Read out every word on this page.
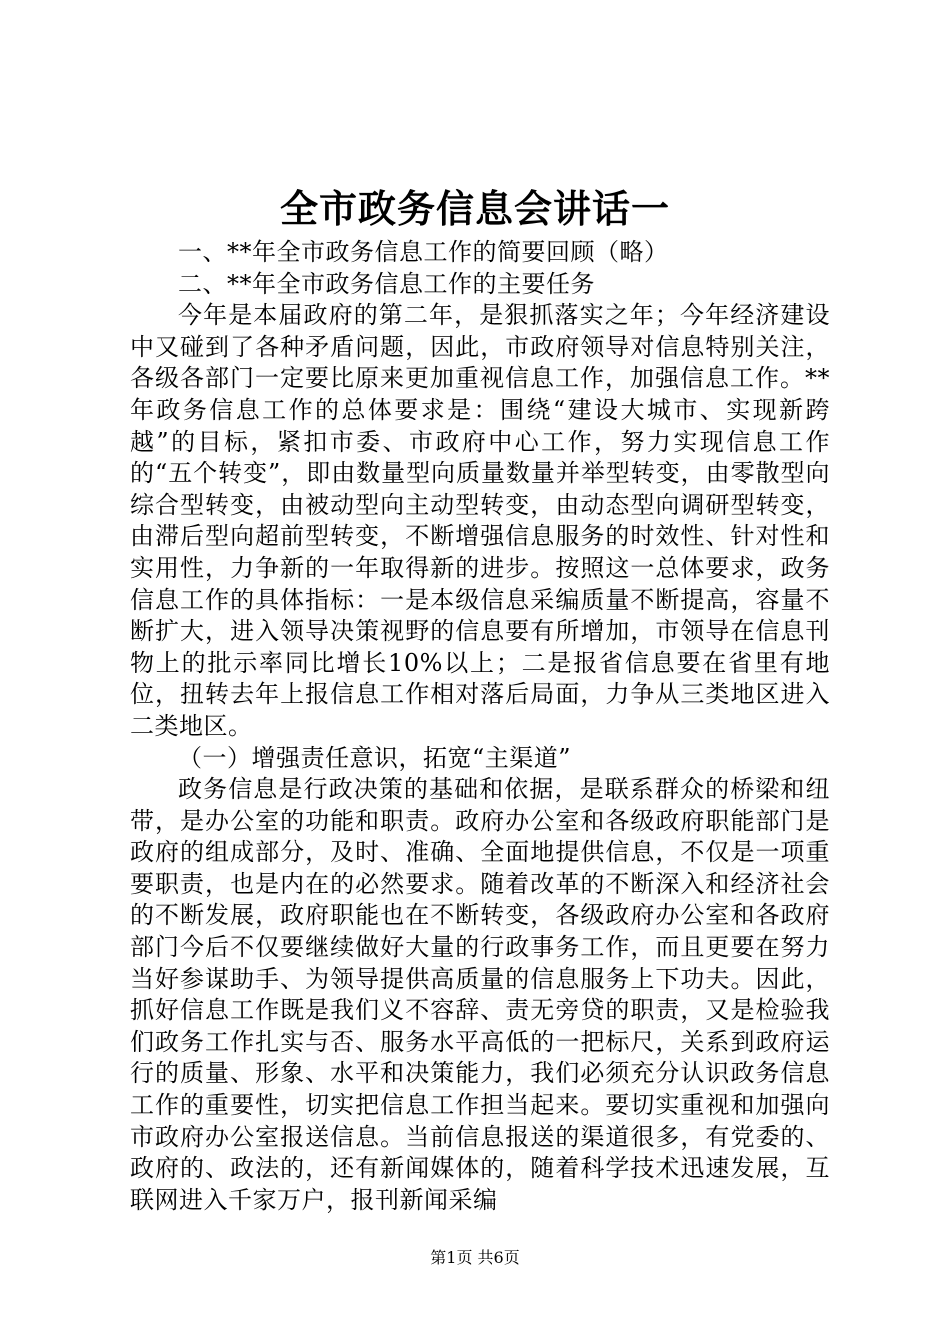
全市政务信息会讲话一

一、**年全市政务信息工作的简要回顾（略）

二、**年全市政务信息工作的主要任务

今年是本届政府的第二年，是狠抓落实之年；今年经济建设中又碰到了各种矛盾问题，因此，市政府领导对信息特别关注，各级各部门一定要比原来更加重视信息工作，加强信息工作。**年政务信息工作的总体要求是：围绕“建设大城市、实现新跨越”的目标，紧扣市委、市政府中心工作，努力实现信息工作的“五个转变”，即由数量型向质量数量并举型转变，由零散型向综合型转变，由被动型向主动型转变，由动态型向调研型转变，由滞后型向超前型转变，不断增强信息服务的时效性、针对性和实用性，力争新的一年取得新的进步。按照这一总体要求，政务信息工作的具体指标：一是本级信息采编质量不断提高，容量不断扩大，进入领导决策视野的信息要有所增加，市领导在信息刊物上的批示率同比增长10%以上；二是报省信息要在省里有地位，扭转去年上报信息工作相对落后局面，力争从三类地区进入二类地区。

（一）增强责任意识，拓宽“主渠道”

政务信息是行政决策的基础和依据，是联系群众的桥梁和纽带，是办公室的功能和职责。政府办公室和各级政府职能部门是政府的组成部分，及时、准确、全面地提供信息，不仅是一项重要职责，也是内在的必然要求。随着改革的不断深入和经济社会的不断发展，政府职能也在不断转变，各级政府办公室和各政府部门今后不仅要继续做好大量的行政事务工作，而且更要在努力当好参谋助手、为领导提供高质量的信息服务上下功夫。因此，抓好信息工作既是我们义不容辞、责无旁贷的职责，又是检验我们政务工作扎实与否、服务水平高低的一把标尺，关系到政府运行的质量、形象、水平和决策能力，我们必须充分认识政务信息工作的重要性，切实把信息工作担当起来。要切实重视和加强向市政府办公室报送信息。当前信息报送的渠道很多，有党委的、政府的、政法的，还有新闻媒体的，随着科学技术迅速发展，互联网进入千家万户，报刊新闻采编

第1页 共6页
